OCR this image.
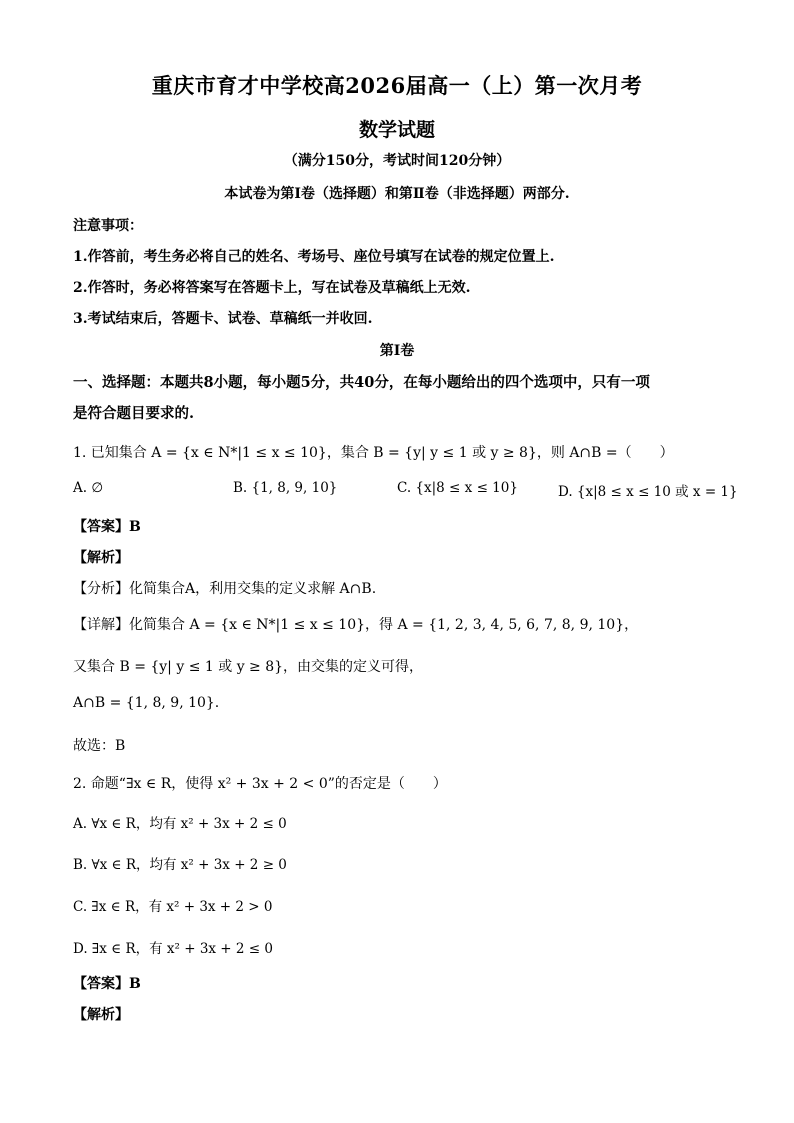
重庆市育才中学校高2026届高一（上）第一次月考
数学试题
（满分150分，考试时间120分钟）
本试卷为第Ⅰ卷（选择题）和第Ⅱ卷（非选择题）两部分.
注意事项：
1.作答前，考生务必将自己的姓名、考场号、座位号填写在试卷的规定位置上.
2.作答时，务必将答案写在答题卡上，写在试卷及草稿纸上无效.
3.考试结束后，答题卡、试卷、草稿纸一并收回.
第Ⅰ卷
一、选择题：本题共8小题，每小题5分，共40分，在每小题给出的四个选项中，只有一项
是符合题目要求的.
1. 已知集合 A = {x ∈ N*|1 ≤ x ≤ 10}，集合 B = {y| y ≤ 1 或 y ≥ 8}，则 A∩B =（　　）
A. ∅	B. {1, 8, 9, 10}	C. {x|8 ≤ x ≤ 10}	D. {x|8 ≤ x ≤ 10 或 x = 1}
【答案】B
【解析】
【分析】化简集合A，利用交集的定义求解 A∩B.
【详解】化简集合 A = {x ∈ N*|1 ≤ x ≤ 10}，得 A = {1, 2, 3, 4, 5, 6, 7, 8, 9, 10}，
又集合 B = {y| y ≤ 1 或 y ≥ 8}，由交集的定义可得，
A∩B = {1, 8, 9, 10}.
故选：B
2. 命题“∃x ∈ R，使得 x² + 3x + 2 < 0”的否定是（　　）
A. ∀x ∈ R，均有 x² + 3x + 2 ≤ 0
B. ∀x ∈ R，均有 x² + 3x + 2 ≥ 0
C. ∃x ∈ R，有 x² + 3x + 2 > 0
D. ∃x ∈ R，有 x² + 3x + 2 ≤ 0
【答案】B
【解析】
